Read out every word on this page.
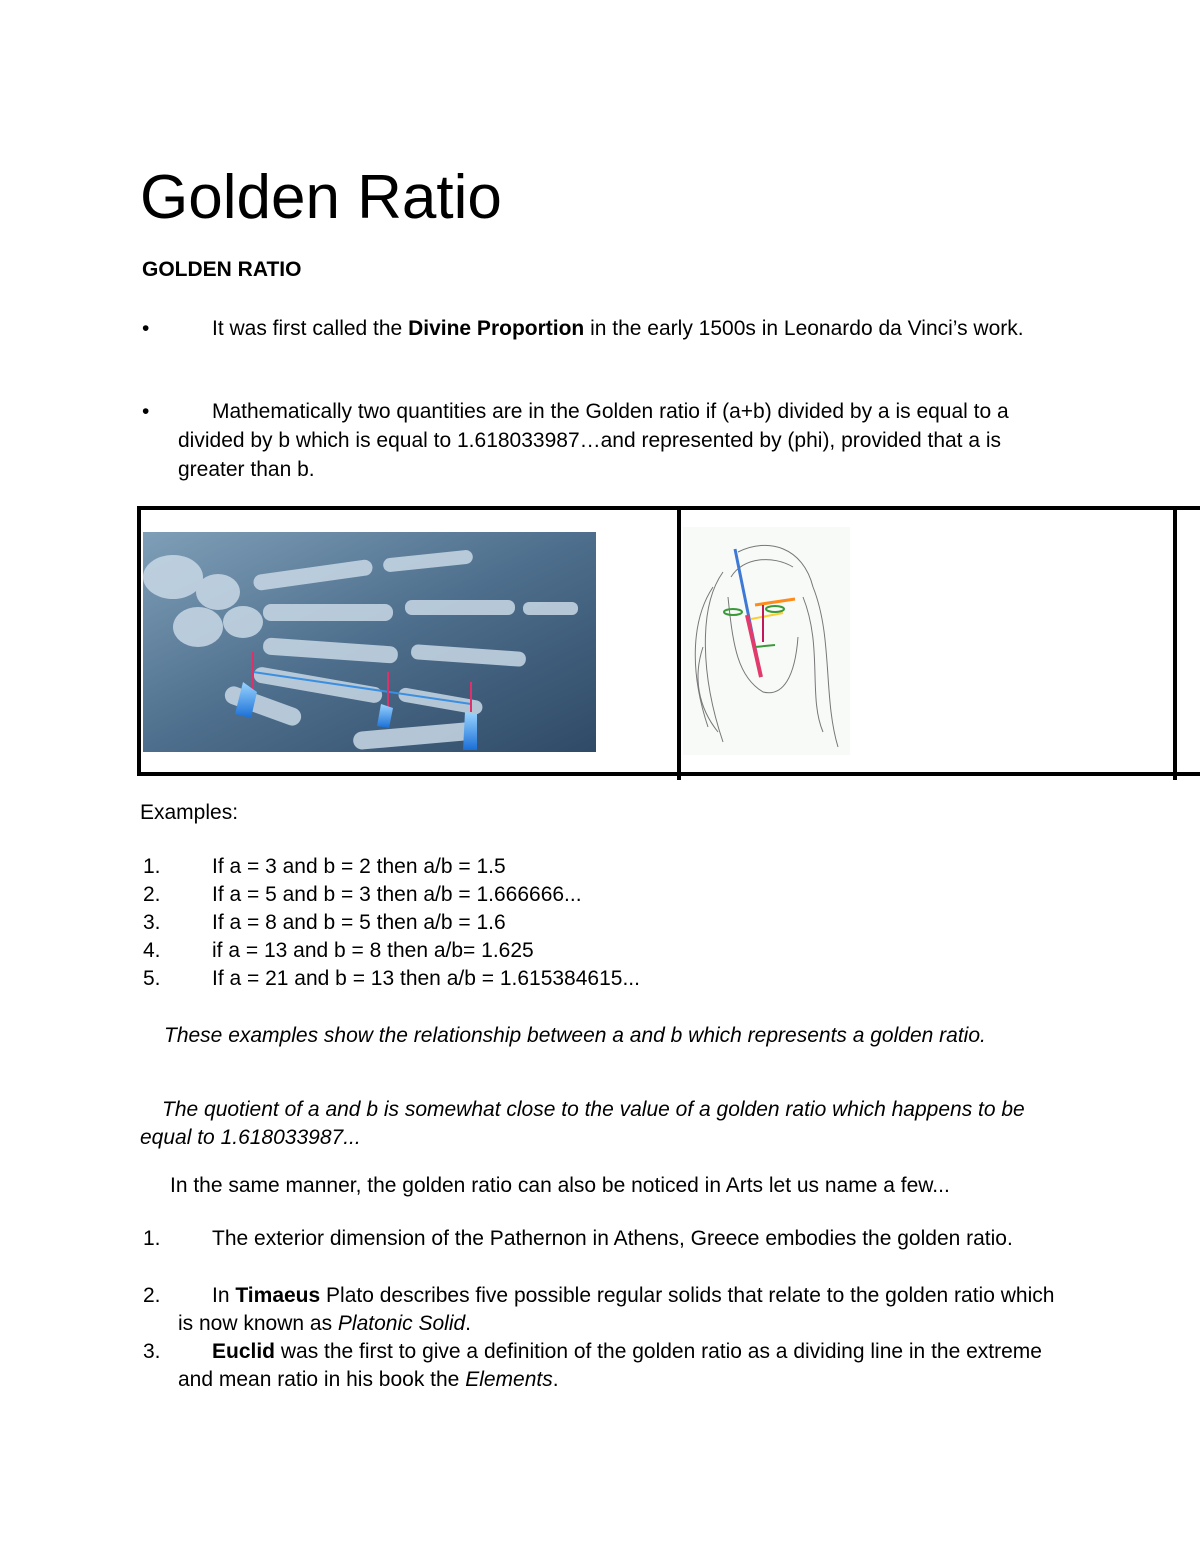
Golden Ratio
GOLDEN RATIO
•	It was first called the Divine Proportion in the early 1500s in Leonardo da Vinci’s work.
•	Mathematically two quantities are in the Golden ratio if (a+b) divided by a is equal to a divided by b which is equal to 1.618033987…and represented by (phi), provided that a is greater than b.
Examples:
1. If a = 3 and b = 2 then a/b = 1.5
2. If a = 5 and b = 3 then a/b = 1.666666...
3. If a = 8 and b = 5 then a/b = 1.6
4. if a = 13 and b = 8 then a/b= 1.625
5. If a = 21 and b = 13 then a/b = 1.615384615...
These examples show the relationship between a and b which represents a golden ratio.
The quotient of a and b is somewhat close to the value of a golden ratio which happens to be equal to 1.618033987...
In the same manner, the golden ratio can also be noticed in Arts let us name a few...
1.	The exterior dimension of the Pathernon in Athens, Greece embodies the golden ratio.
2.	In Timaeus Plato describes five possible regular solids that relate to the golden ratio which is now known as Platonic Solid.
3.	Euclid was the first to give a definition of the golden ratio as a dividing line in the extreme and mean ratio in his book the Elements.
